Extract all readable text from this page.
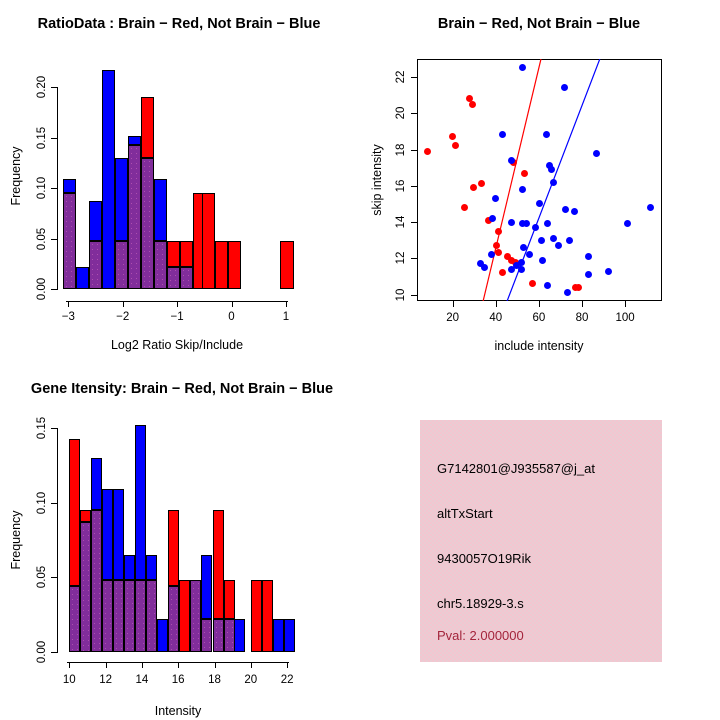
RatioData : Brain − Red, Not Brain − Blue
Log2 Ratio Skip/Include
Frequency
Brain − Red, Not Brain − Blue
include intensity
skip intensity
Gene Itensity: Brain − Red, Not Brain − Blue
Intensity
Frequency
G7142801@J935587@j_at
altTxStart
9430057O19Rik
chr5.18929-3.s
Pval: 2.000000
−3	−2	−1	0	1
0.00
0.05
0.10
0.15
0.20
10 12 14 16 18 20 22
0.00
0.05
0.10
0.15
20	40	60	80 100
10
12
14
16
18
20
22
